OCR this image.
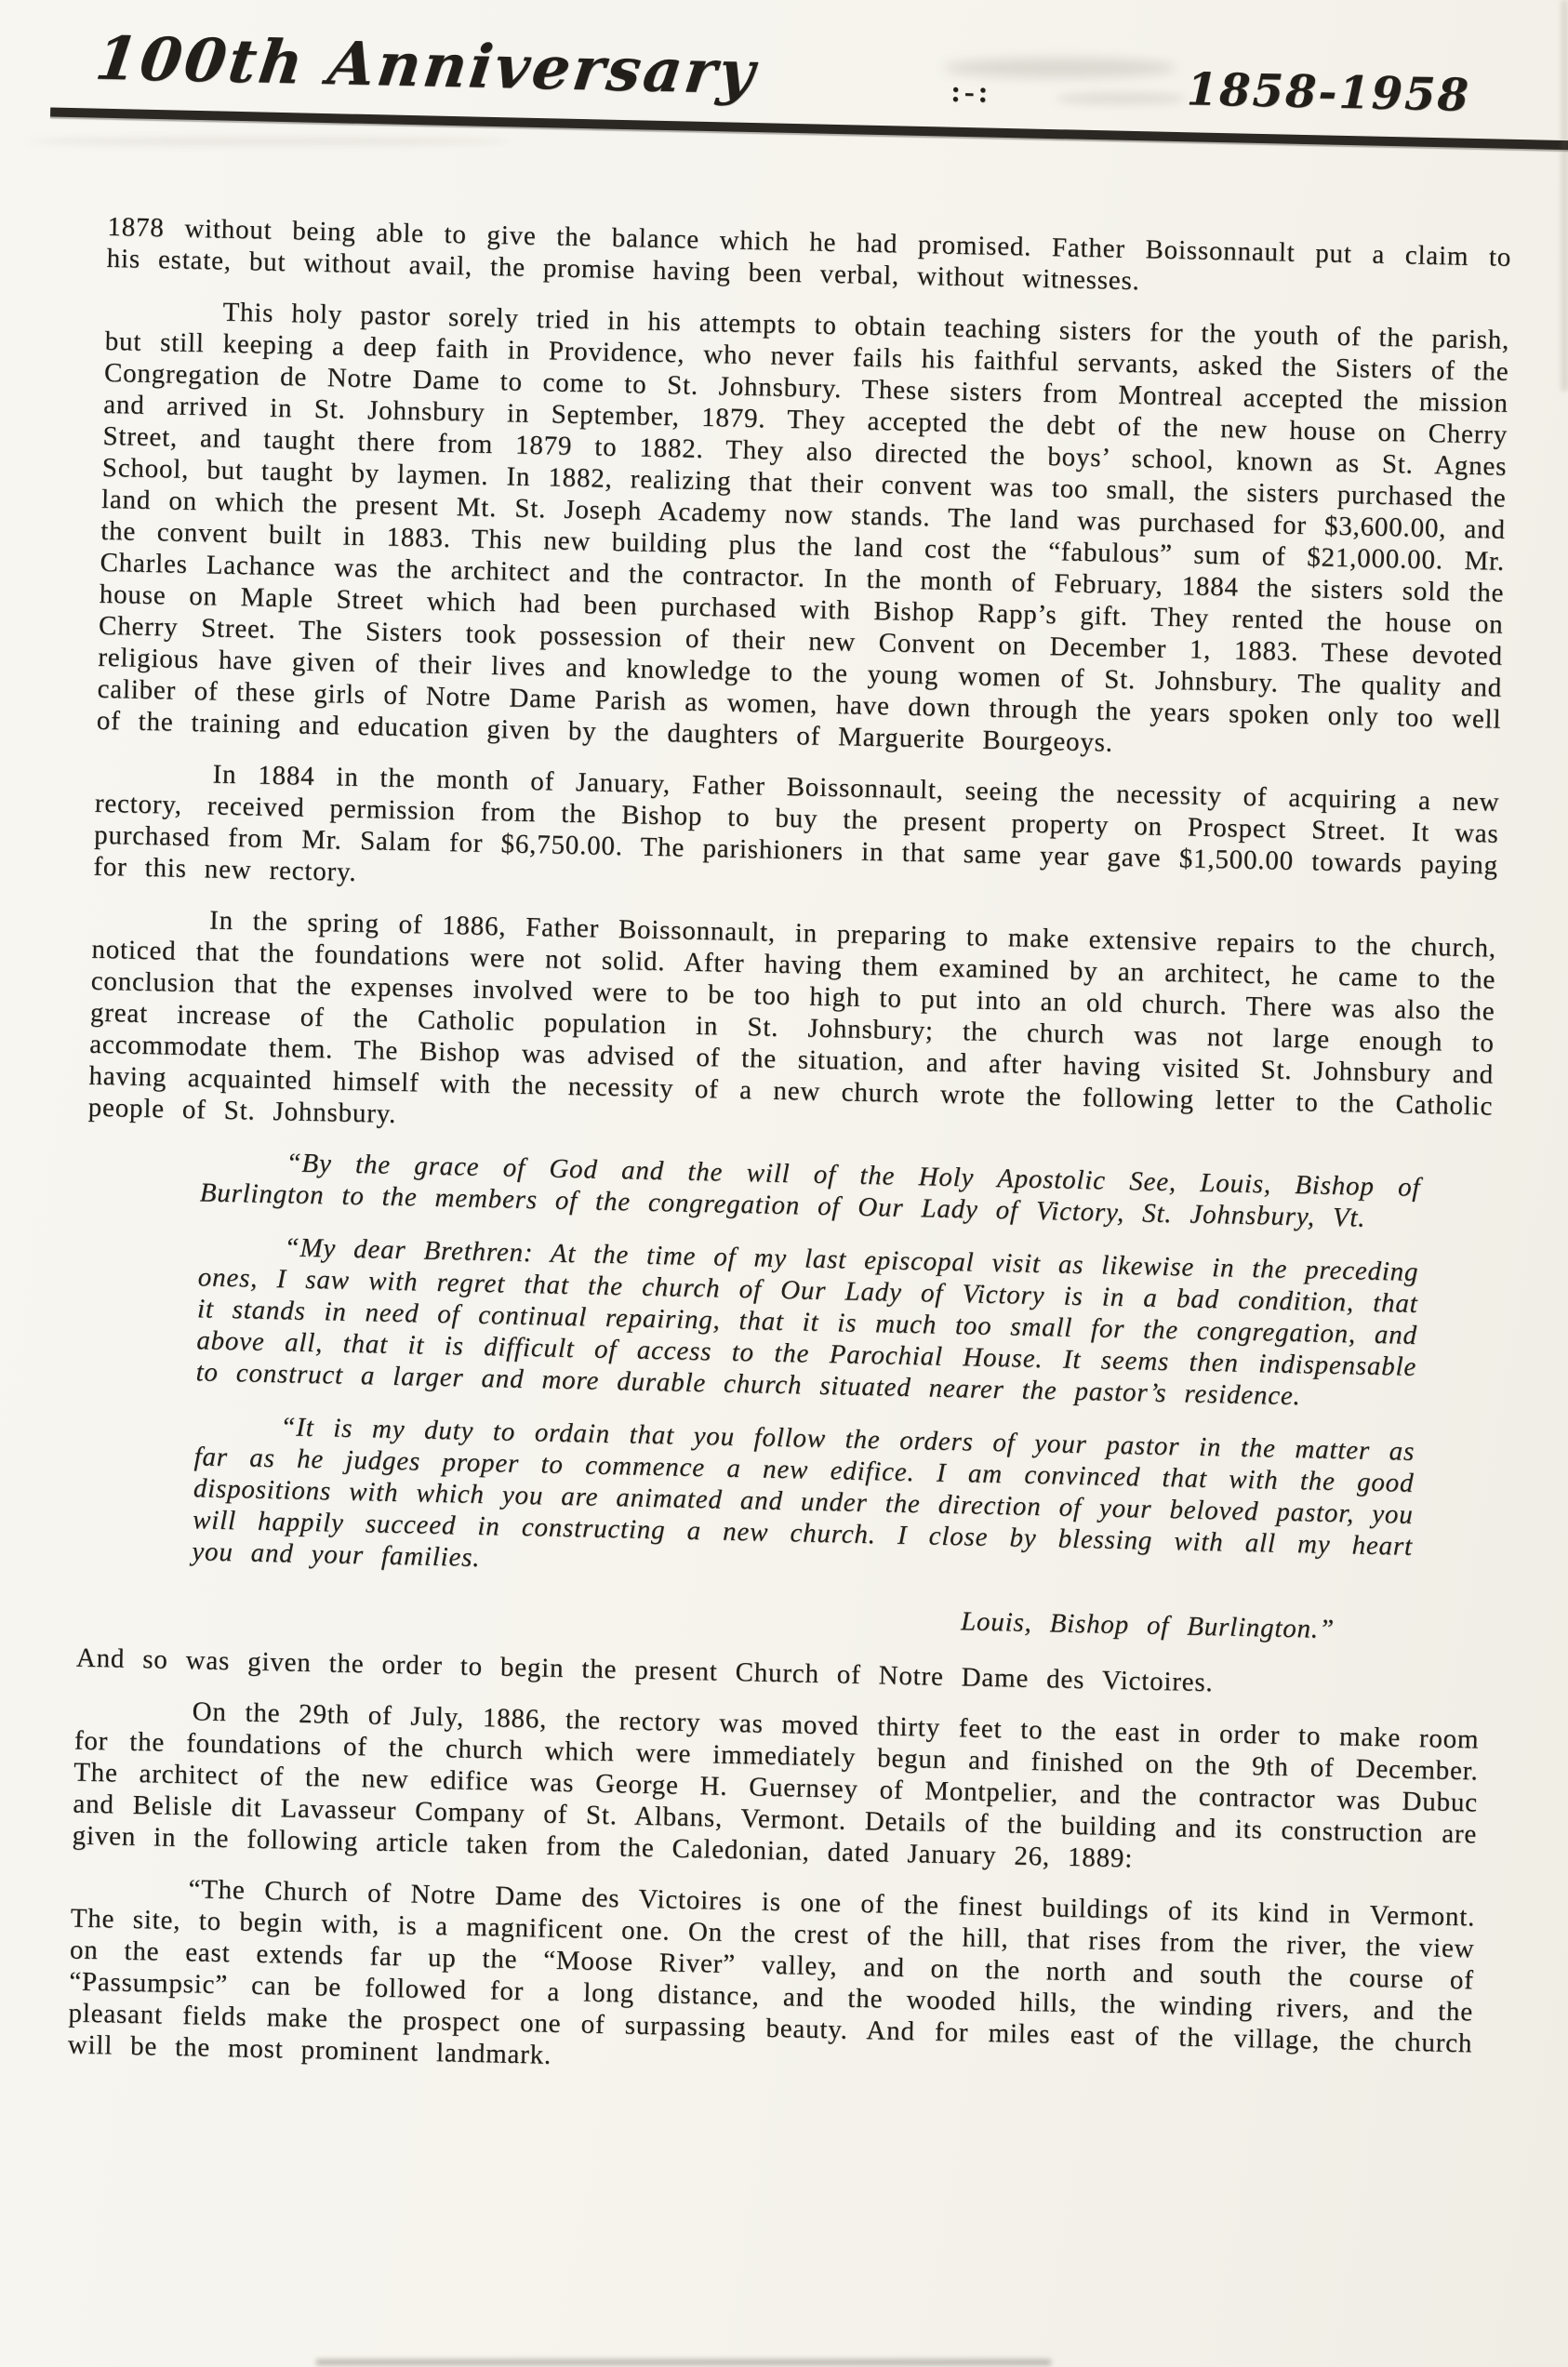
100th Anniversary	:-:	1858-1958

1878 without being able to give the balance which he had promised. Father Boissonnault put a claim to his estate, but without avail, the promise having been verbal, without witnesses.

This holy pastor sorely tried in his attempts to obtain teaching sisters for the youth of the parish, but still keeping a deep faith in Providence, who never fails his faithful servants, asked the Sisters of the Congregation de Notre Dame to come to St. Johnsbury. These sisters from Montreal accepted the mission and arrived in St. Johnsbury in September, 1879. They accepted the debt of the new house on Cherry Street, and taught there from 1879 to 1882. They also directed the boys’ school, known as St. Agnes School, but taught by laymen. In 1882, realizing that their convent was too small, the sisters purchased the land on which the present Mt. St. Joseph Academy now stands. The land was purchased for $3,600.00, and the convent built in 1883. This new building plus the land cost the “fabulous” sum of $21,000.00. Mr. Charles Lachance was the architect and the contractor. In the month of February, 1884 the sisters sold the house on Maple Street which had been purchased with Bishop Rapp’s gift. They rented the house on Cherry Street. The Sisters took possession of their new Convent on December 1, 1883. These devoted religious have given of their lives and knowledge to the young women of St. Johnsbury. The quality and caliber of these girls of Notre Dame Parish as women, have down through the years spoken only too well of the training and education given by the daughters of Marguerite Bourgeoys.

In 1884 in the month of January, Father Boissonnault, seeing the necessity of acquiring a new rectory, received permission from the Bishop to buy the present property on Prospect Street. It was purchased from Mr. Salam for $6,750.00. The parishioners in that same year gave $1,500.00 towards paying for this new rectory.

In the spring of 1886, Father Boissonnault, in preparing to make extensive repairs to the church, noticed that the foundations were not solid. After having them examined by an architect, he came to the conclusion that the expenses involved were to be too high to put into an old church. There was also the great increase of the Catholic population in St. Johnsbury; the church was not large enough to accommodate them. The Bishop was advised of the situation, and after having visited St. Johnsbury and having acquainted himself with the necessity of a new church wrote the following letter to the Catholic people of St. Johnsbury.

“By the grace of God and the will of the Holy Apostolic See, Louis, Bishop of Burlington to the members of the congregation of Our Lady of Victory, St. Johnsbury, Vt.

“My dear Brethren: At the time of my last episcopal visit as likewise in the preceding ones, I saw with regret that the church of Our Lady of Victory is in a bad condition, that it stands in need of continual repairing, that it is much too small for the congregation, and above all, that it is difficult of access to the Parochial House. It seems then indispensable to construct a larger and more durable church situated nearer the pastor’s residence.

“It is my duty to ordain that you follow the orders of your pastor in the matter as far as he judges proper to commence a new edifice. I am convinced that with the good dispositions with which you are animated and under the direction of your beloved pastor, you will happily succeed in constructing a new church. I close by blessing with all my heart you and your families.

Louis, Bishop of Burlington.”

And so was given the order to begin the present Church of Notre Dame des Victoires.

On the 29th of July, 1886, the rectory was moved thirty feet to the east in order to make room for the foundations of the church which were immediately begun and finished on the 9th of December. The architect of the new edifice was George H. Guernsey of Montpelier, and the contractor was Dubuc and Belisle dit Lavasseur Company of St. Albans, Vermont. Details of the building and its construction are given in the following article taken from the Caledonian, dated January 26, 1889:

“The Church of Notre Dame des Victoires is one of the finest buildings of its kind in Vermont. The site, to begin with, is a magnificent one. On the crest of the hill, that rises from the river, the view on the east extends far up the “Moose River” valley, and on the north and south the course of “Passumpsic” can be followed for a long distance, and the wooded hills, the winding rivers, and the pleasant fields make the prospect one of surpassing beauty. And for miles east of the village, the church will be the most prominent landmark.
